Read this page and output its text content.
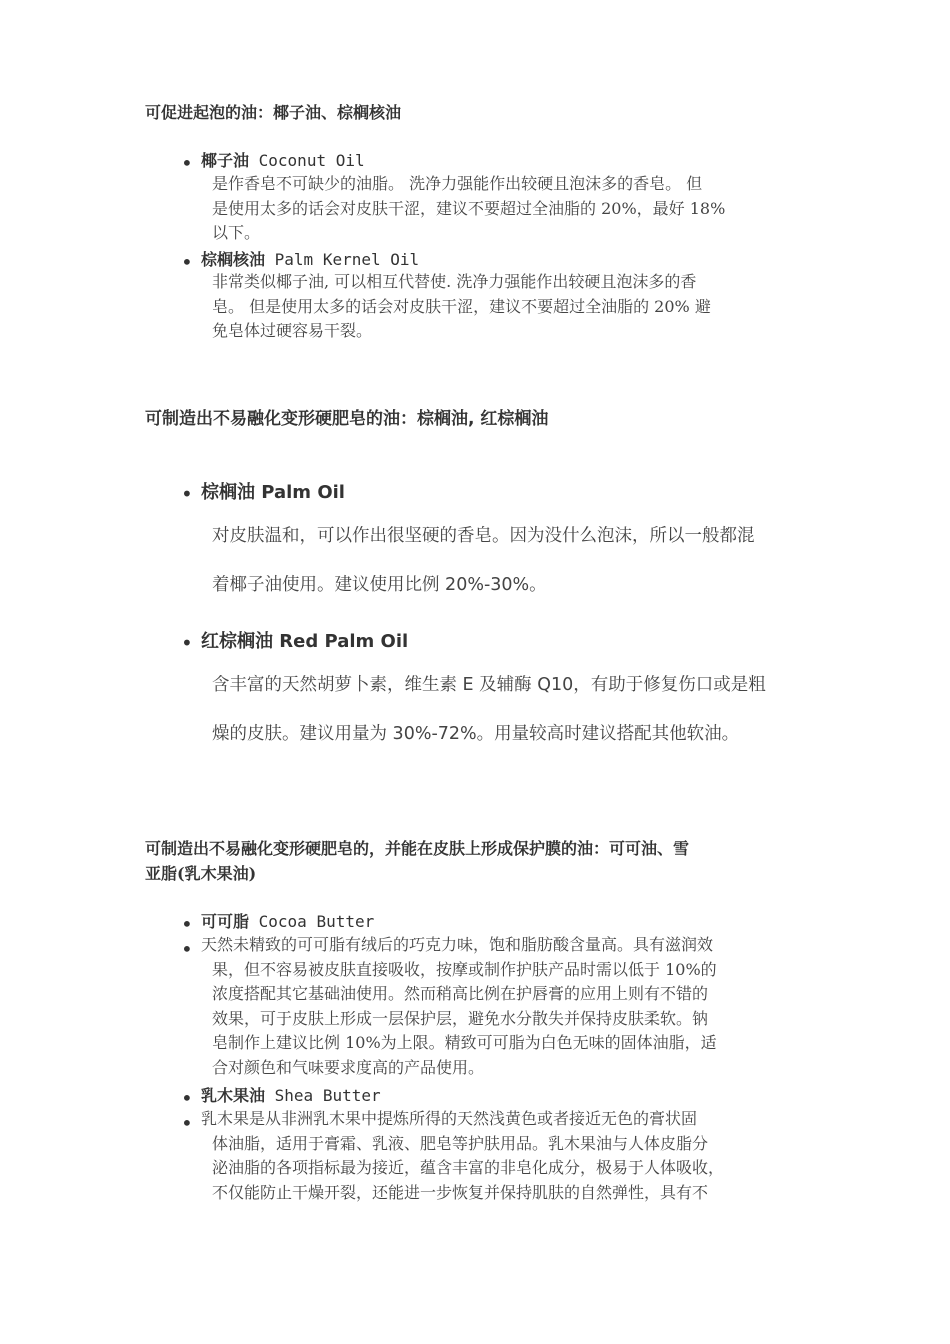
可促进起泡的油：椰子油、棕榈核油
• 椰子油 Coconut Oil
是作香皂不可缺少的油脂。 洗净力强能作出较硬且泡沫多的香皂。 但
是使用太多的话会对皮肤干涩，建议不要超过全油脂的 20%，最好 18%
以下。
• 棕榈核油 Palm Kernel Oil
非常类似椰子油, 可以相互代替使. 洗净力强能作出较硬且泡沫多的香
皂。 但是使用太多的话会对皮肤干涩，建议不要超过全油脂的 20% 避
免皂体过硬容易干裂。
可制造出不易融化变形硬肥皂的油：棕榈油, 红棕榈油
• 棕榈油 Palm Oil
对皮肤温和，可以作出很坚硬的香皂。因为没什么泡沫，所以一般都混
着椰子油使用。建议使用比例 20%-30%。
• 红棕榈油 Red Palm Oil
含丰富的天然胡萝卜素，维生素 E 及辅酶 Q10，有助于修复伤口或是粗
燥的皮肤。建议用量为 30%-72%。用量较高时建议搭配其他软油。
可制造出不易融化变形硬肥皂的，并能在皮肤上形成保护膜的油：可可油、雪
亚脂(乳木果油)
• 可可脂 Cocoa Butter
• 天然未精致的可可脂有绒后的巧克力味，饱和脂肪酸含量高。具有滋润效
果，但不容易被皮肤直接吸收，按摩或制作护肤产品时需以低于 10%的
浓度搭配其它基础油使用。然而稍高比例在护唇膏的应用上则有不错的
效果，可于皮肤上形成一层保护层，避免水分散失并保持皮肤柔软。钠
皂制作上建议比例 10%为上限。精致可可脂为白色无味的固体油脂，适
合对颜色和气味要求度高的产品使用。
• 乳木果油 Shea Butter
• 乳木果是从非洲乳木果中提炼所得的天然浅黄色或者接近无色的膏状固
体油脂，适用于膏霜、乳液、肥皂等护肤用品。乳木果油与人体皮脂分
泌油脂的各项指标最为接近，蕴含丰富的非皂化成分，极易于人体吸收，
不仅能防止干燥开裂，还能进一步恢复并保持肌肤的自然弹性，具有不
